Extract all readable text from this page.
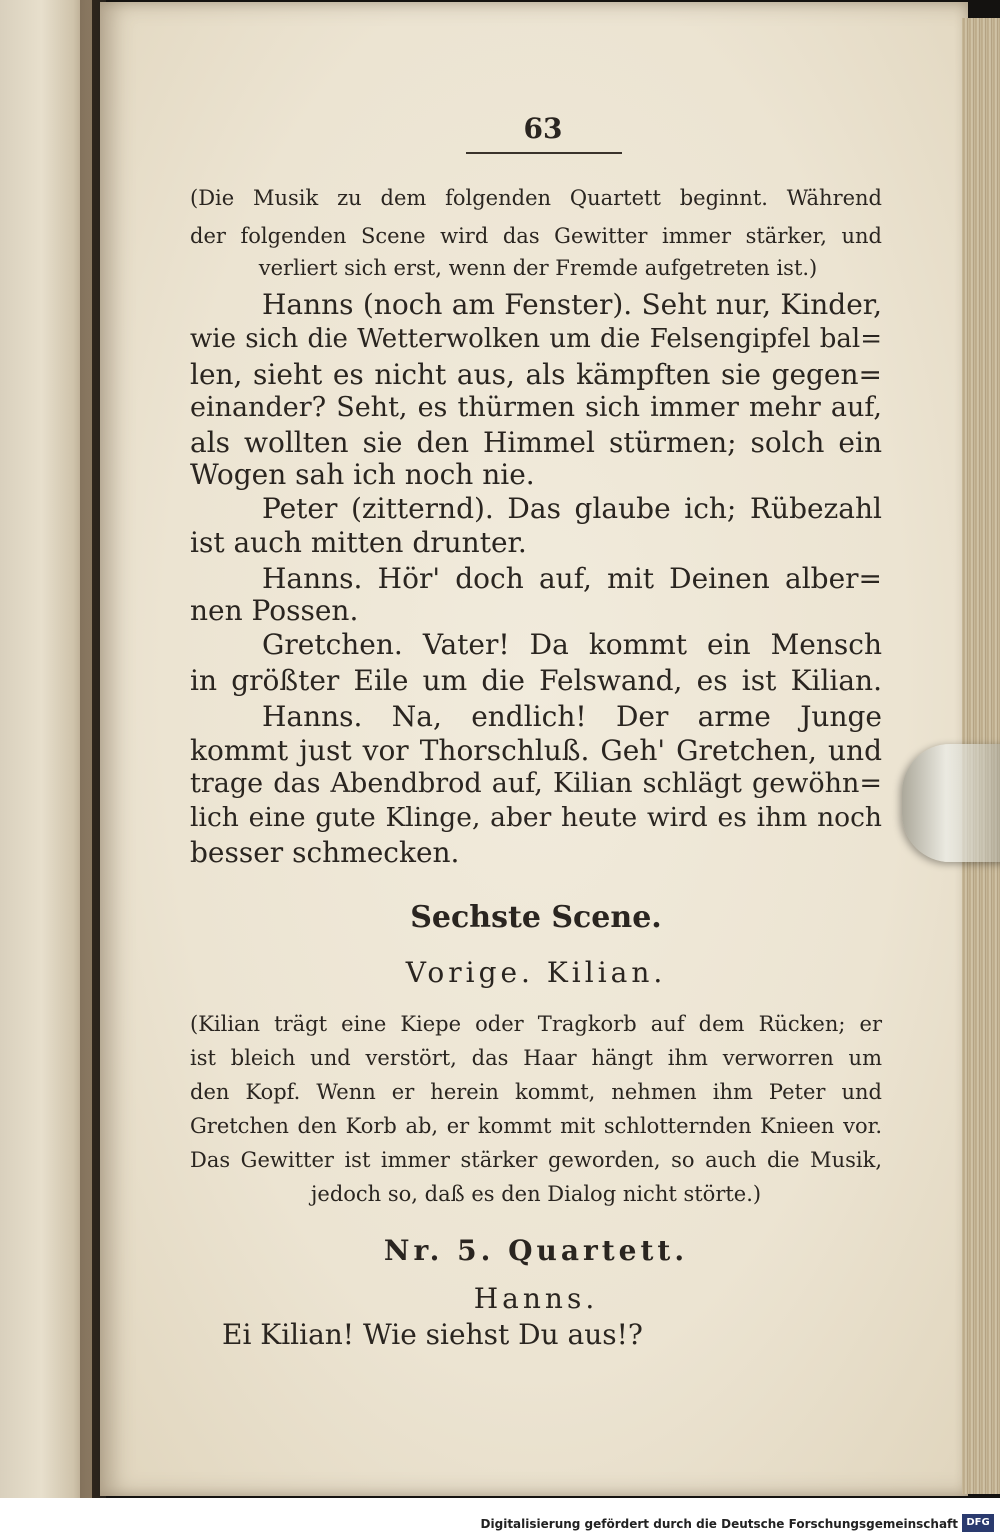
63
(Die Musik zu dem folgenden Quartett beginnt. Während
der folgenden Scene wird das Gewitter immer stärker, und
verliert sich erst, wenn der Fremde aufgetreten ist.)
Hanns (noch am Fenster). Seht nur, Kinder,
wie sich die Wetterwolken um die Felsengipfel bal=
len, sieht es nicht aus, als kämpften sie gegen=
einander? Seht, es thürmen sich immer mehr auf,
als wollten sie den Himmel stürmen; solch ein
Wogen sah ich noch nie.
Peter (zitternd). Das glaube ich; Rübezahl
ist auch mitten drunter.
Hanns. Hör' doch auf, mit Deinen alber=
nen Possen.
Gretchen. Vater! Da kommt ein Mensch
in größter Eile um die Felswand, es ist Kilian.
Hanns. Na, endlich! Der arme Junge
kommt just vor Thorschluß. Geh' Gretchen, und
trage das Abendbrod auf, Kilian schlägt gewöhn=
lich eine gute Klinge, aber heute wird es ihm noch
besser schmecken.
Sechste Scene.
Vorige. Kilian.
(Kilian trägt eine Kiepe oder Tragkorb auf dem Rücken; er
ist bleich und verstört, das Haar hängt ihm verworren um
den Kopf. Wenn er herein kommt, nehmen ihm Peter und
Gretchen den Korb ab, er kommt mit schlotternden Knieen vor.
Das Gewitter ist immer stärker geworden, so auch die Musik,
jedoch so, daß es den Dialog nicht störte.)
Nr. 5. Quartett.
Hanns.
Ei Kilian! Wie siehst Du aus!?
Digitalisierung gefördert durch die Deutsche Forschungsgemeinschaft DFG
